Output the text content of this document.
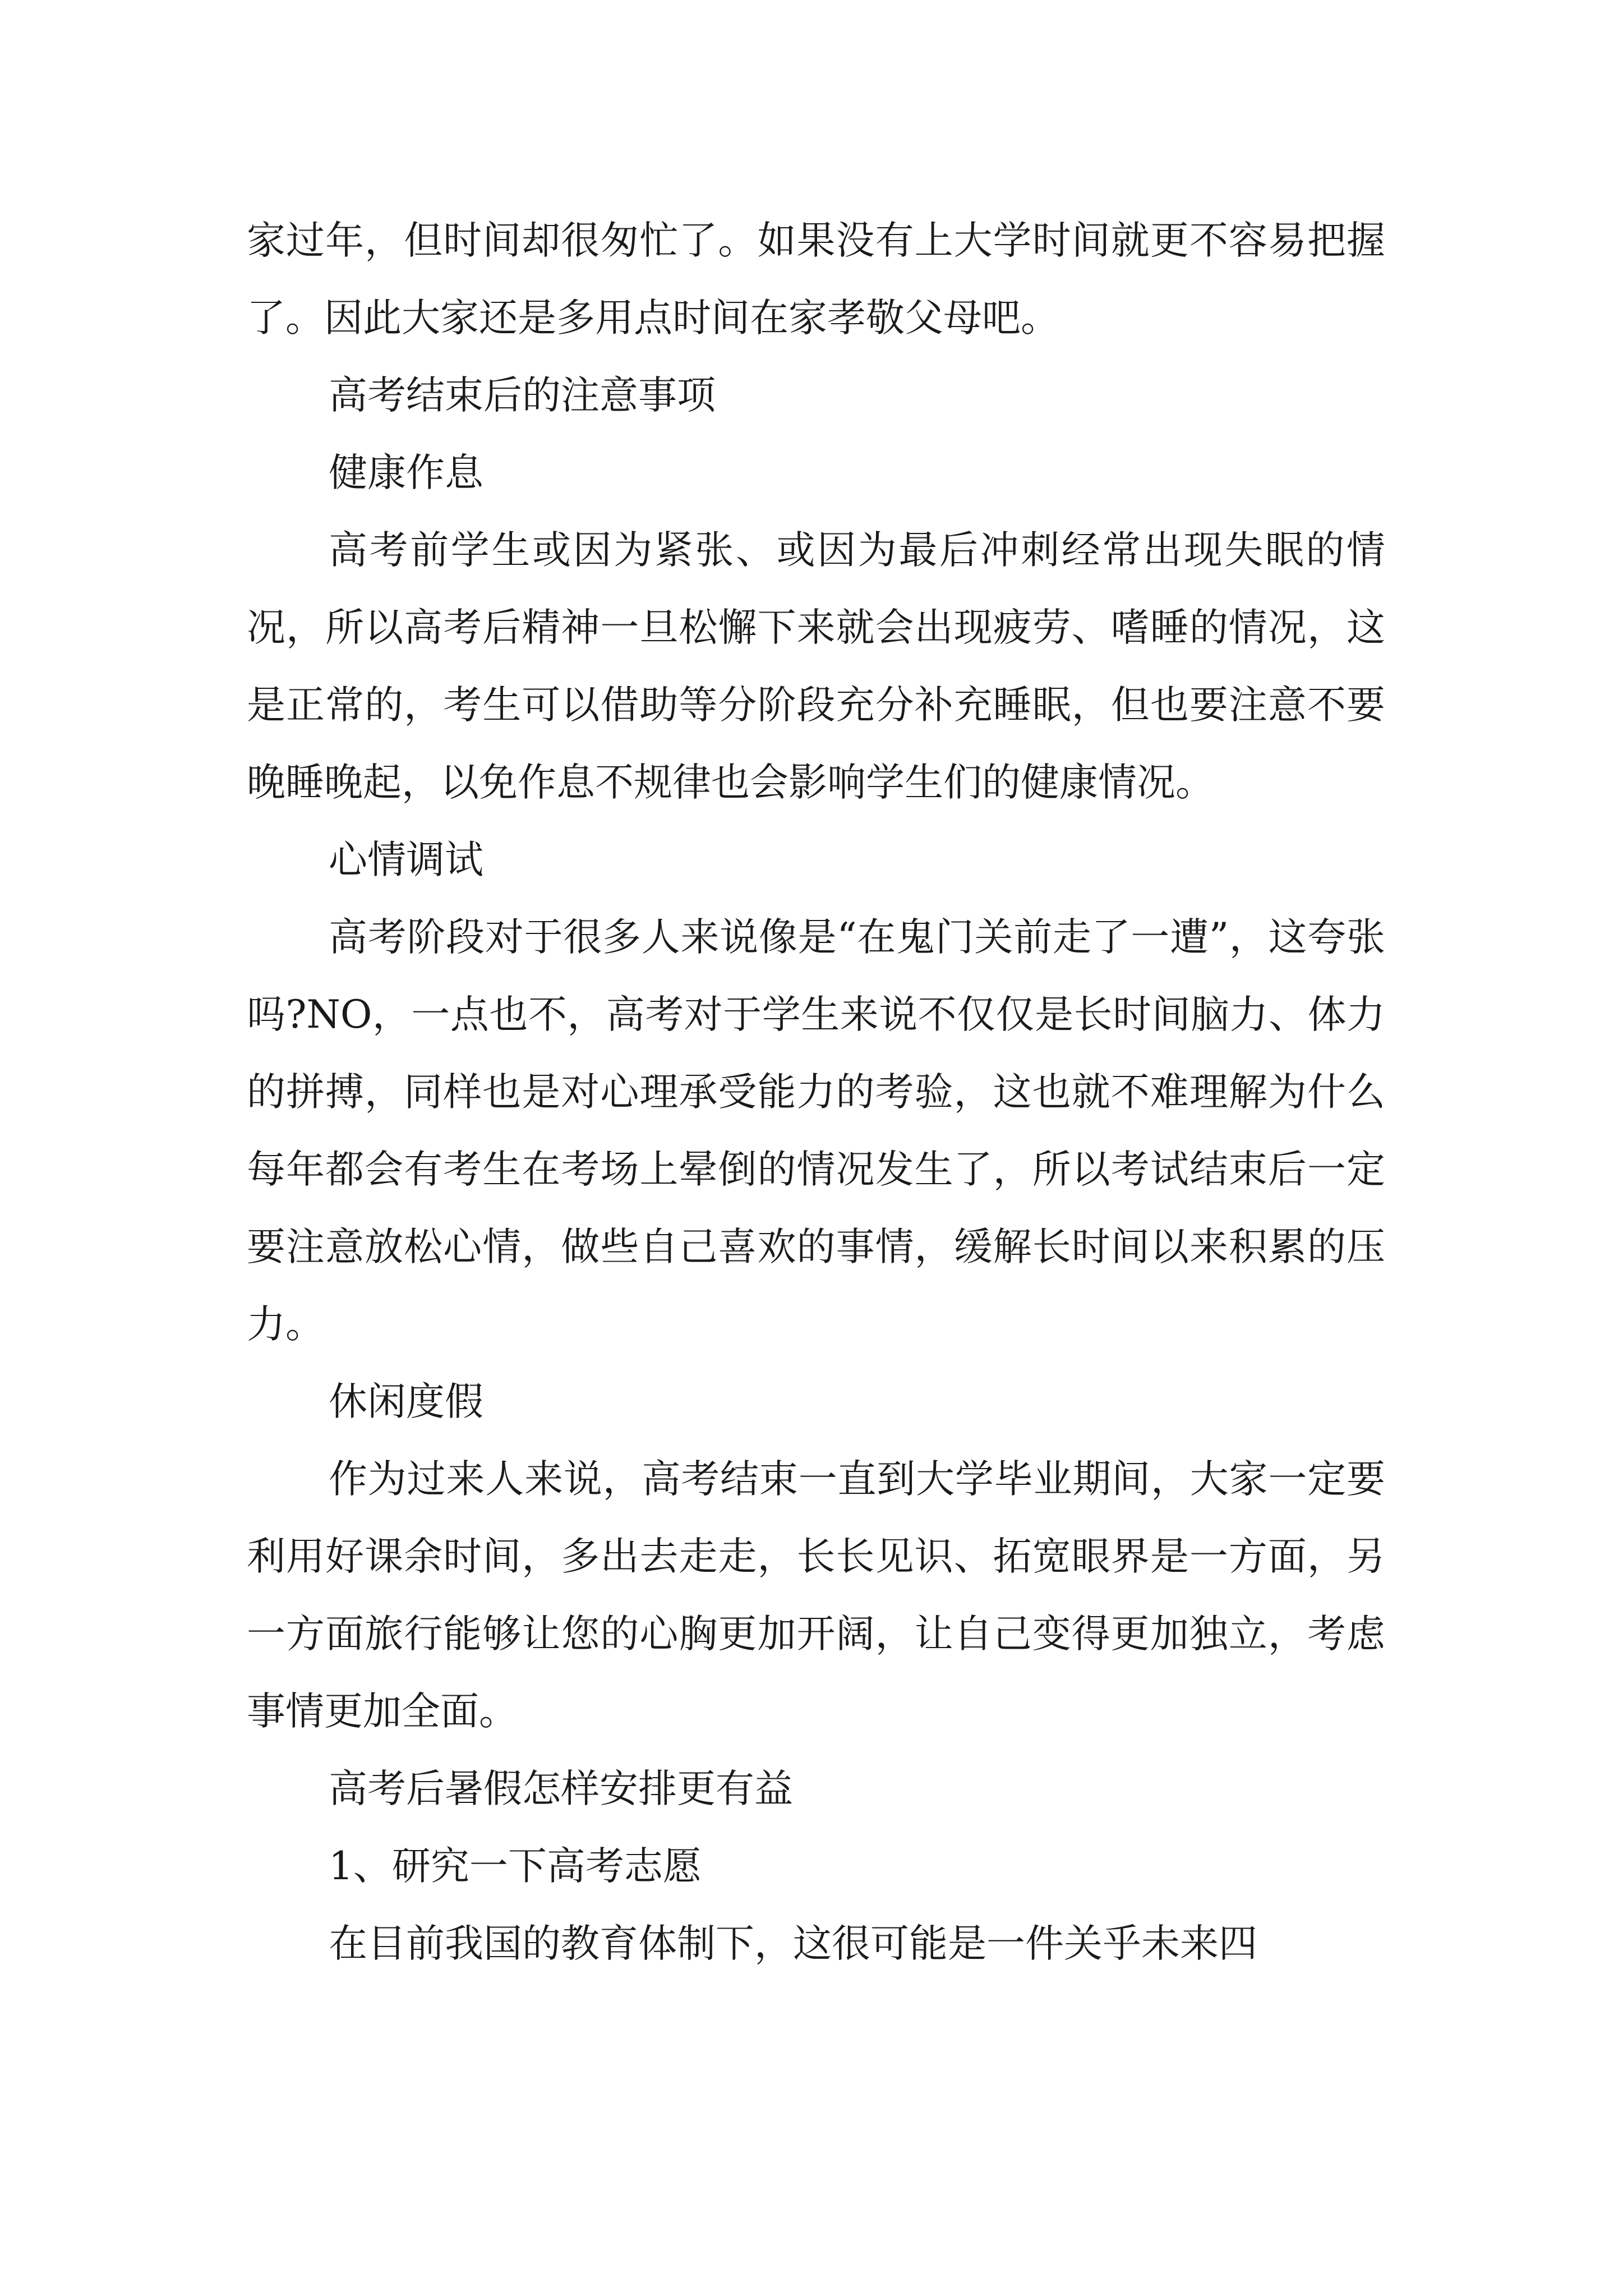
家过年，但时间却很匆忙了。如果没有上大学时间就更不容易把握了。因此大家还是多用点时间在家孝敬父母吧。

高考结束后的注意事项

健康作息

高考前学生或因为紧张、或因为最后冲刺经常出现失眠的情况，所以高考后精神一旦松懈下来就会出现疲劳、嗜睡的情况，这是正常的，考生可以借助等分阶段充分补充睡眠，但也要注意不要晚睡晚起，以免作息不规律也会影响学生们的健康情况。

心情调试

高考阶段对于很多人来说像是“在鬼门关前走了一遭”，这夸张吗?NO，一点也不，高考对于学生来说不仅仅是长时间脑力、体力的拼搏，同样也是对心理承受能力的考验，这也就不难理解为什么每年都会有考生在考场上晕倒的情况发生了，所以考试结束后一定要注意放松心情，做些自己喜欢的事情，缓解长时间以来积累的压力。

休闲度假

作为过来人来说，高考结束一直到大学毕业期间，大家一定要利用好课余时间，多出去走走，长长见识、拓宽眼界是一方面，另一方面旅行能够让您的心胸更加开阔，让自己变得更加独立，考虑事情更加全面。

高考后暑假怎样安排更有益

1、研究一下高考志愿

在目前我国的教育体制下，这很可能是一件关乎未来四
